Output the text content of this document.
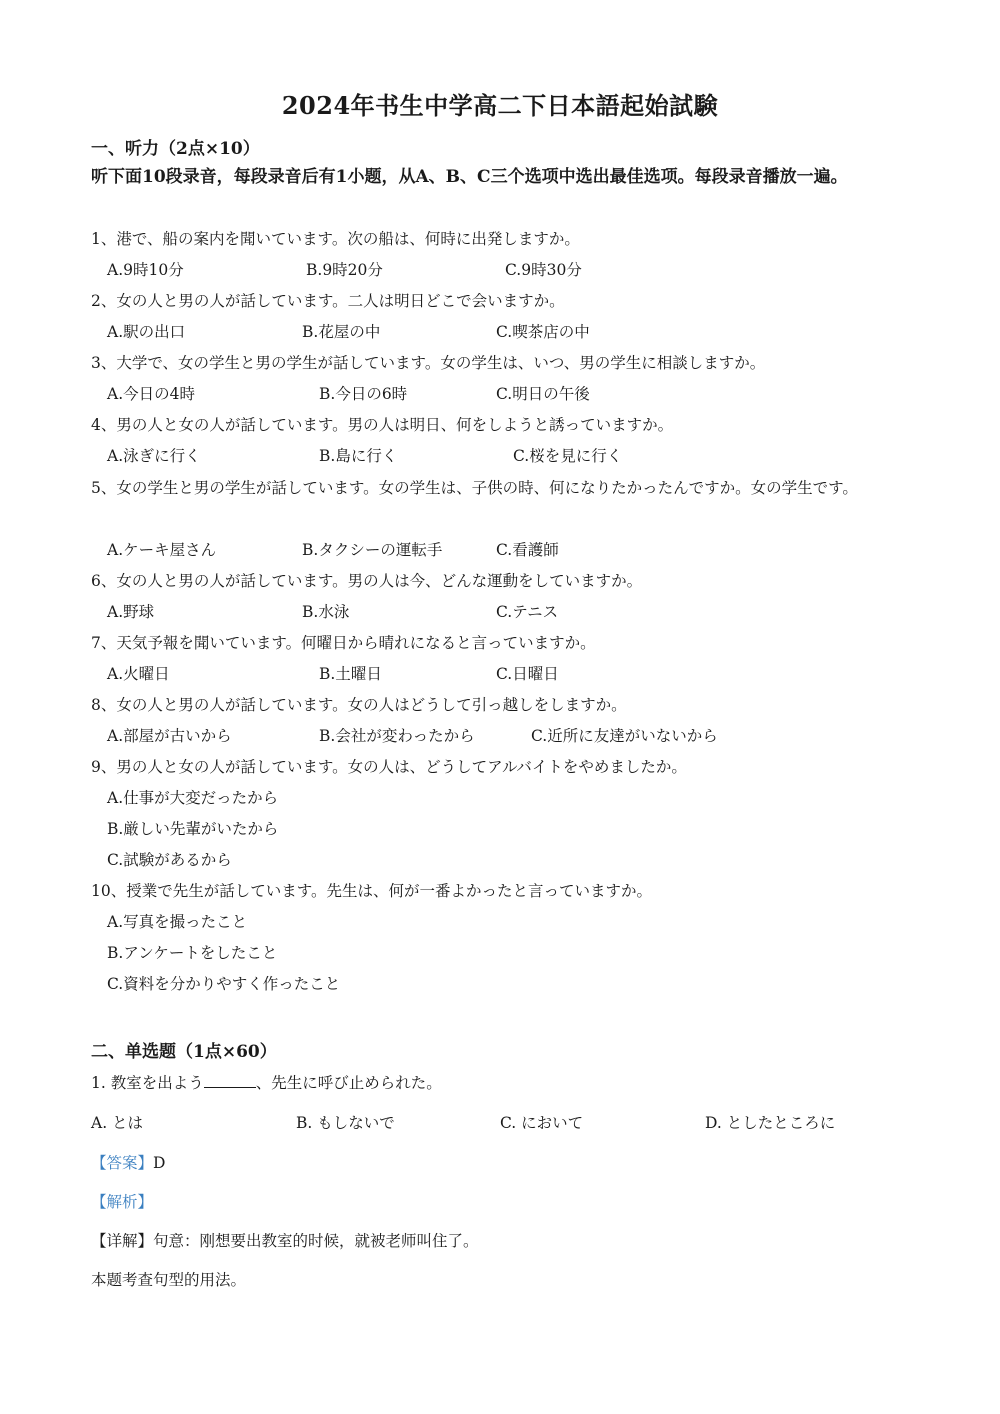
2024年书生中学高二下日本語起始試験
一、听力（2点×10）
听下面10段录音，每段录音后有1小题，从A、B、C三个选项中选出最佳选项。每段录音播放一遍。
1、港で、船の案内を聞いています。次の船は、何時に出発しますか。
A.9時10分	B.9時20分	C.9時30分
2、女の人と男の人が話しています。二人は明日どこで会いますか。
A.駅の出口	B.花屋の中	C.喫茶店の中
3、大学で、女の学生と男の学生が話しています。女の学生は、いつ、男の学生に相談しますか。
A.今日の4時	B.今日の6時	C.明日の午後
4、男の人と女の人が話しています。男の人は明日、何をしようと誘っていますか。
A.泳ぎに行く	B.島に行く	C.桜を見に行く
5、女の学生と男の学生が話しています。女の学生は、子供の時、何になりたかったんですか。女の学生です。
A.ケーキ屋さん	B.タクシーの運転手	C.看護師
6、女の人と男の人が話しています。男の人は今、どんな運動をしていますか。
A.野球	B.水泳	C.テニス
7、天気予報を聞いています。何曜日から晴れになると言っていますか。
A.火曜日	B.土曜日	C.日曜日
8、女の人と男の人が話しています。女の人はどうして引っ越しをしますか。
A.部屋が古いから	B.会社が変わったから	C.近所に友達がいないから
9、男の人と女の人が話しています。女の人は、どうしてアルバイトをやめましたか。
A.仕事が大変だったから
B.厳しい先輩がいたから
C.試験があるから
10、授業で先生が話しています。先生は、何が一番よかったと言っていますか。
A.写真を撮ったこと
B.アンケートをしたこと
C.資料を分かりやすく作ったこと
二、单选题（1点×60）
1. 教室を出よう	、先生に呼び止められた。
A. とは	B. もしないで	C. において	D. としたところに
【答案】D
【解析】
【详解】句意：刚想要出教室的时候，就被老师叫住了。
本题考查句型的用法。
